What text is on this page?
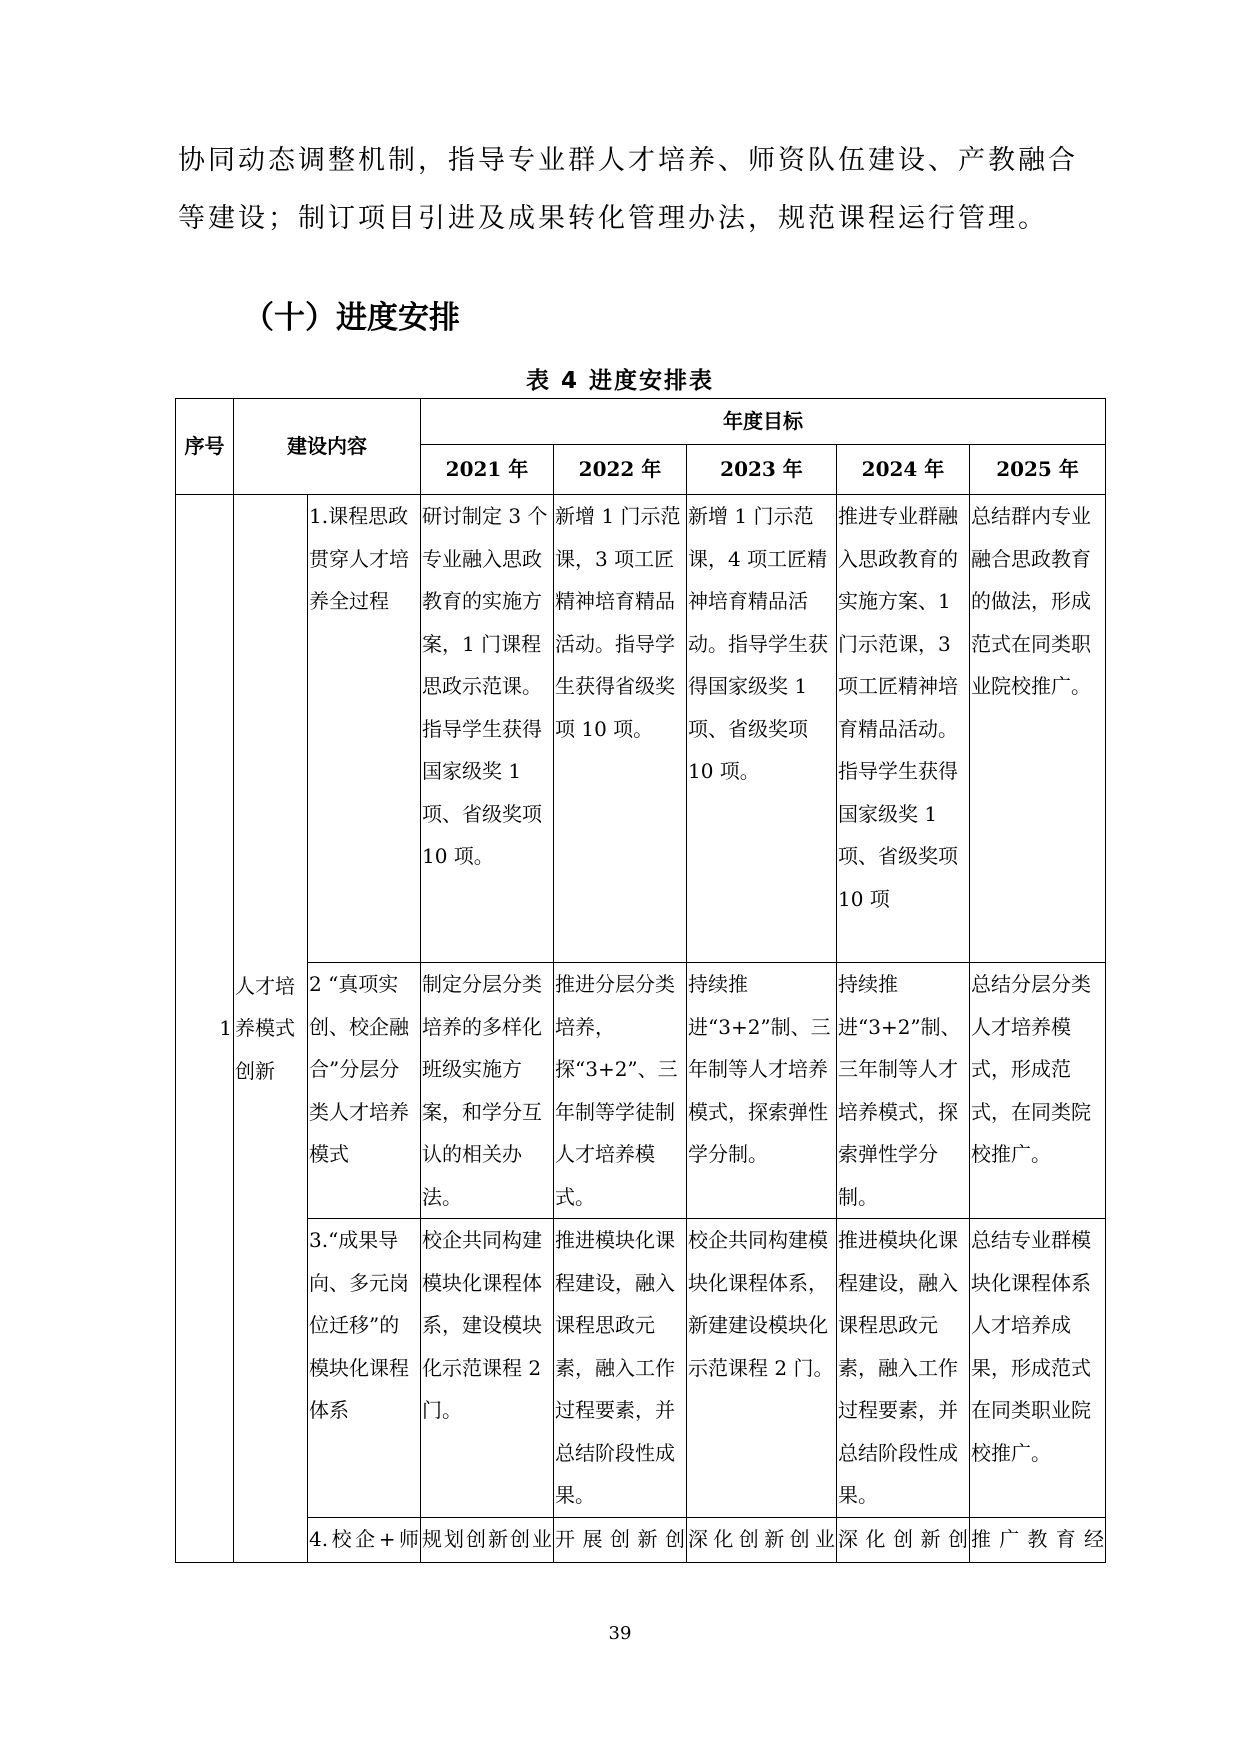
协同动态调整机制，指导专业群人才培养、师资队伍建设、产教融合
等建设；制订项目引进及成果转化管理办法，规范课程运行管理。
（十）进度安排
表 4 进度安排表
序号	建设内容		年度目标				
			2021 年	2022 年	2023 年	2024 年	2025 年
1	人才培养模式创新	1.课程思政贯穿人才培养全过程	研讨制定 3 个专业融入思政教育的实施方案，1 门课程思政示范课。指导学生获得国家级奖 1 项、省级奖项 10 项。	新增 1 门示范课，3 项工匠精神培育精品活动。指导学生获得省级奖项 10 项。	新增 1 门示范课，4 项工匠精神培育精品活动。指导学生获得国家级奖 1 项、省级奖项 10 项。	推进专业群融入思政教育的实施方案、1 门示范课，3 项工匠精神培育精品活动。指导学生获得国家级奖 1 项、省级奖项 10 项	总结群内专业融合思政教育的做法，形成范式在同类职业院校推广。
		2 “真项实创、校企融合”分层分类人才培养模式	制定分层分类培养的多样化班级实施方案，和学分互认的相关办法。	推进分层分类培养，探“3+2”、三年制等学徒制人才培养模式。	持续推进“3+2”制、三年制等人才培养模式，探索弹性学分制。	持续推进“3+2”制、三年制等人才培养模式，探索弹性学分制。	总结分层分类人才培养模式，形成范式，在同类院校推广。
		3.“成果导向、多元岗位迁移”的模块化课程体系	校企共同构建模块化课程体系，建设模块化示范课程 2 门。	推进模块化课程建设，融入课程思政元素，融入工作过程要素，并总结阶段性成果。	校企共同构建模块化课程体系，新建建设模块化示范课程 2 门。	推进模块化课程建设，融入课程思政元素，融入工作过程要素，并总结阶段性成果。	总结专业群模块化课程体系人才培养成果，形成范式在同类职业院校推广。
		4.校企+师	规划创新创业	开展创新创	深化创新创业	深化创新创	推广教育经
39
